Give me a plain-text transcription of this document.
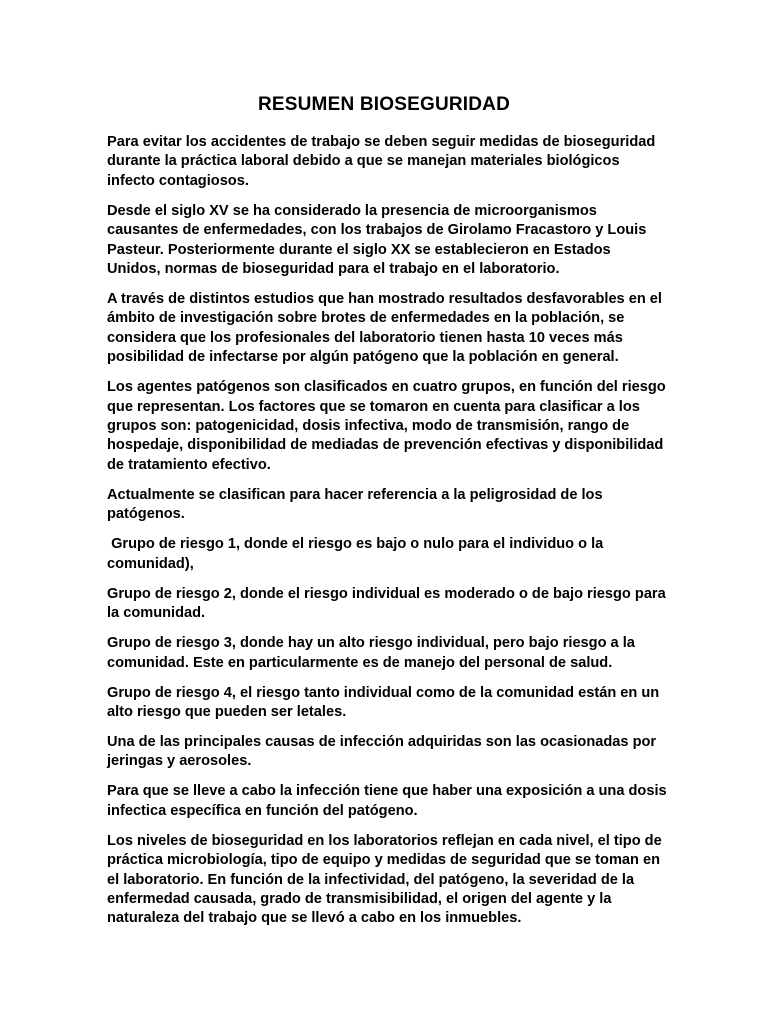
RESUMEN BIOSEGURIDAD

Para evitar los accidentes de trabajo se deben seguir medidas de bioseguridad durante la práctica laboral debido a que se manejan materiales biológicos infecto contagiosos.

Desde el siglo XV se ha considerado la presencia de microorganismos causantes de enfermedades, con los trabajos de Girolamo Fracastoro y Louis Pasteur. Posteriormente durante el siglo XX se establecieron en Estados Unidos, normas de bioseguridad para el trabajo en el laboratorio.

A través de distintos estudios que han mostrado resultados desfavorables en el ámbito de investigación sobre brotes de enfermedades en la población, se considera que los profesionales del laboratorio tienen hasta 10 veces más posibilidad de infectarse por algún patógeno que la población en general.

Los agentes patógenos son clasificados en cuatro grupos, en función del riesgo que representan. Los factores que se tomaron en cuenta para clasificar a los grupos son: patogenicidad, dosis infectiva, modo de transmisión, rango de hospedaje, disponibilidad de mediadas de prevención efectivas y disponibilidad de tratamiento efectivo.

Actualmente se clasifican para hacer referencia a la peligrosidad de los patógenos.

Grupo de riesgo 1, donde el riesgo es bajo o nulo para el individuo o la comunidad),

Grupo de riesgo 2, donde el riesgo individual es moderado o de bajo riesgo para la comunidad.

Grupo de riesgo 3, donde hay un alto riesgo individual, pero bajo riesgo a la comunidad. Este en particularmente es de manejo del personal de salud.

Grupo de riesgo 4, el riesgo tanto individual como de la comunidad están en un alto riesgo que pueden ser letales.

Una de las principales causas de infección adquiridas son las ocasionadas por jeringas y aerosoles.

Para que se lleve a cabo la infección tiene que haber una exposición a una dosis infectica específica en función del patógeno.

Los niveles de bioseguridad en los laboratorios reflejan en cada nivel, el tipo de práctica microbiología, tipo de equipo y medidas de seguridad que se toman en el laboratorio. En función de la infectividad, del patógeno, la severidad de la enfermedad causada, grado de transmisibilidad, el origen del agente y la naturaleza del trabajo que se llevó a cabo en los inmuebles.
